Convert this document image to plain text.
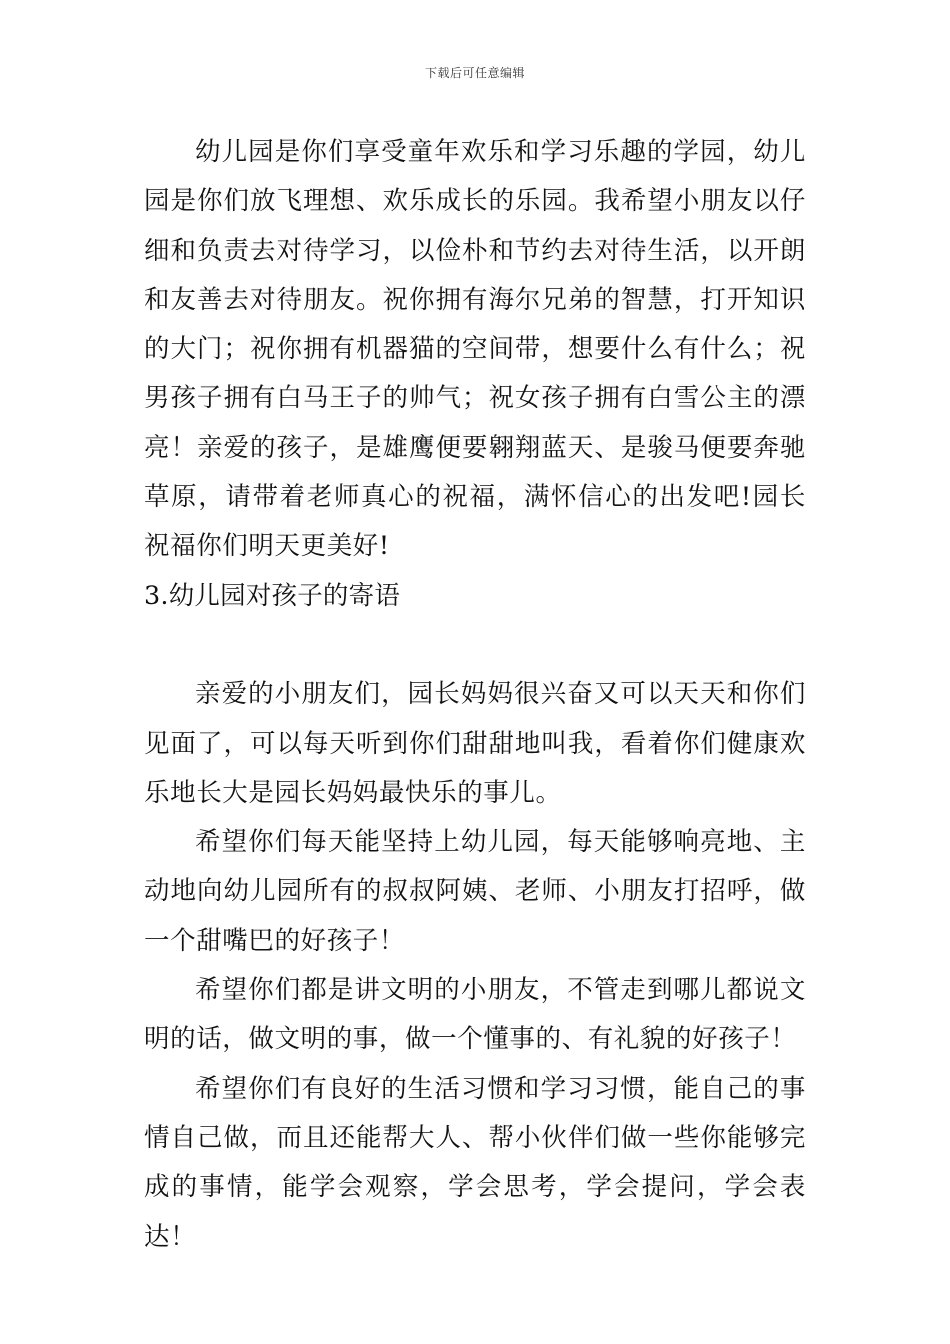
下载后可任意编辑

幼儿园是你们享受童年欢乐和学习乐趣的学园，幼儿园是你们放飞理想、欢乐成长的乐园。我希望小朋友以仔细和负责去对待学习，以俭朴和节约去对待生活，以开朗和友善去对待朋友。祝你拥有海尔兄弟的智慧，打开知识的大门；祝你拥有机器猫的空间带，想要什么有什么；祝男孩子拥有白马王子的帅气；祝女孩子拥有白雪公主的漂亮！亲爱的孩子，是雄鹰便要翱翔蓝天、是骏马便要奔驰草原，请带着老师真心的祝福，满怀信心的出发吧!园长祝福你们明天更美好!

3.幼儿园对孩子的寄语

亲爱的小朋友们，园长妈妈很兴奋又可以天天和你们见面了，可以每天听到你们甜甜地叫我，看着你们健康欢乐地长大是园长妈妈最快乐的事儿。

希望你们每天能坚持上幼儿园，每天能够响亮地、主动地向幼儿园所有的叔叔阿姨、老师、小朋友打招呼，做一个甜嘴巴的好孩子！

希望你们都是讲文明的小朋友，不管走到哪儿都说文明的话，做文明的事，做一个懂事的、有礼貌的好孩子！

希望你们有良好的生活习惯和学习习惯，能自己的事情自己做，而且还能帮大人、帮小伙伴们做一些你能够完成的事情，能学会观察，学会思考，学会提问，学会表达！
